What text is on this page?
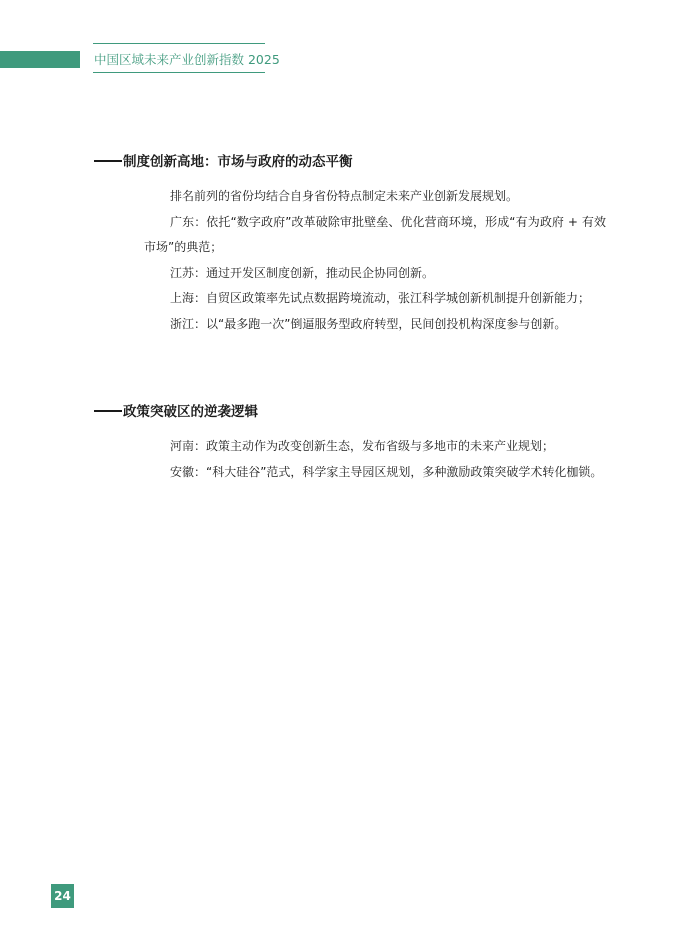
中国区域未来产业创新指数 2025
制度创新高地：市场与政府的动态平衡

排名前列的省份均结合自身省份特点制定未来产业创新发展规划。

广东：依托“数字政府”改革破除审批壁垒、优化营商环境，形成“有为政府 + 有效市场”的典范；

江苏：通过开发区制度创新，推动民企协同创新。

上海：自贸区政策率先试点数据跨境流动，张江科学城创新机制提升创新能力；

浙江：以“最多跑一次”倒逼服务型政府转型，民间创投机构深度参与创新。

政策突破区的逆袭逻辑

河南：政策主动作为改变创新生态，发布省级与多地市的未来产业规划；

安徽：“科大硅谷”范式，科学家主导园区规划，多种激励政策突破学术转化枷锁。

24
